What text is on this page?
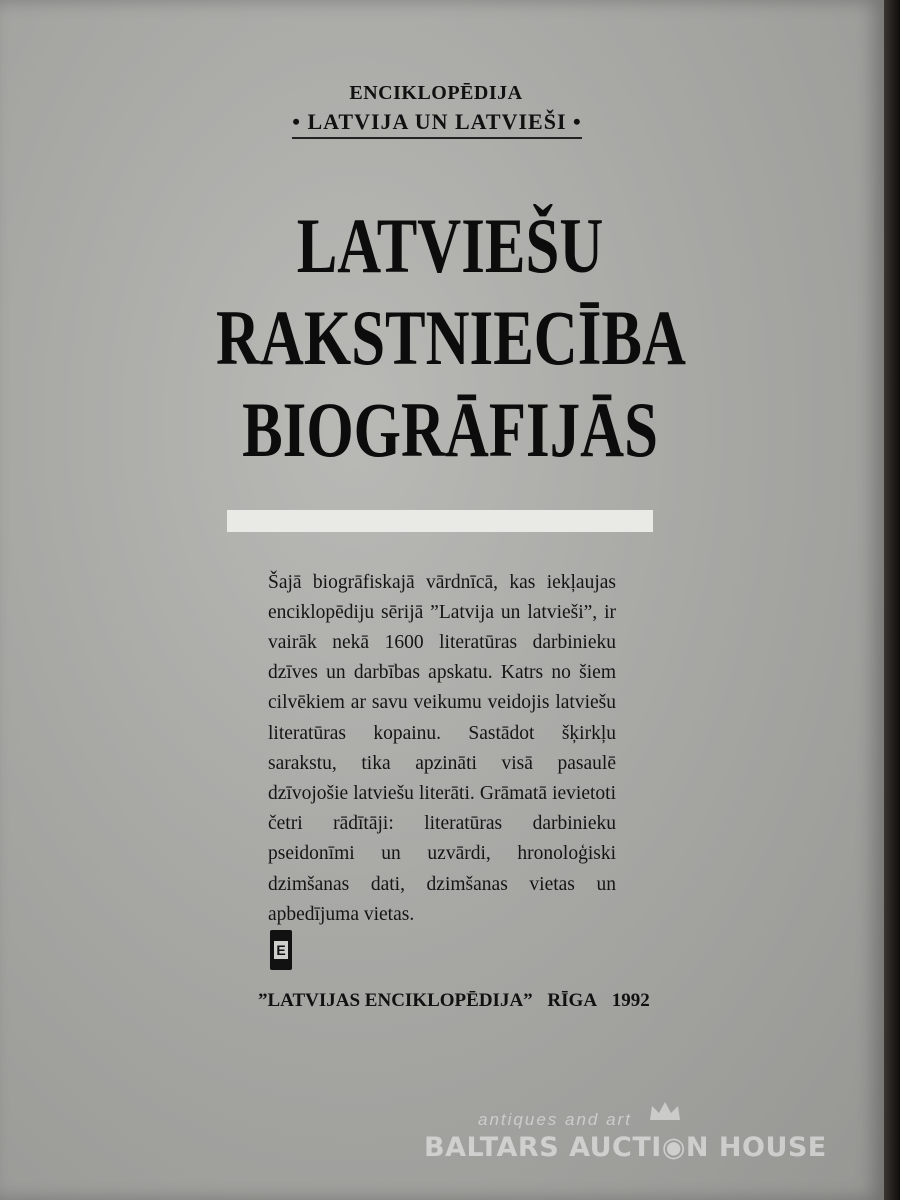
ENCIKLOPĒDIJA
• LATVIJA UN LATVIEŠI •
LATVIEŠU
RAKSTNIECĪBA
BIOGRĀFIJĀS

Šajā biogrāfiskajā vārdnīcā, kas iekļaujas enciklopēdiju sērijā ”Latvija un latvieši”, ir vairāk nekā 1600 literatūras darbinieku dzīves un darbības apskatu. Katrs no šiem cilvēkiem ar savu veikumu veidojis latviešu literatūras kopainu. Sastādot šķirkļu sarakstu, tika apzināti visā pasaulē dzīvojošie latviešu literāti. Grāmatā ievietoti četri rādītāji: literatūras darbinieku pseidonīmi un uzvārdi, hronoloģiski dzimšanas dati, dzimšanas vietas un apbedījuma vietas.

E
”LATVIJAS ENCIKLOPĒDIJA” RĪGA 1992
antiques and art
BALTARS AUCTI◉N HOUSE
